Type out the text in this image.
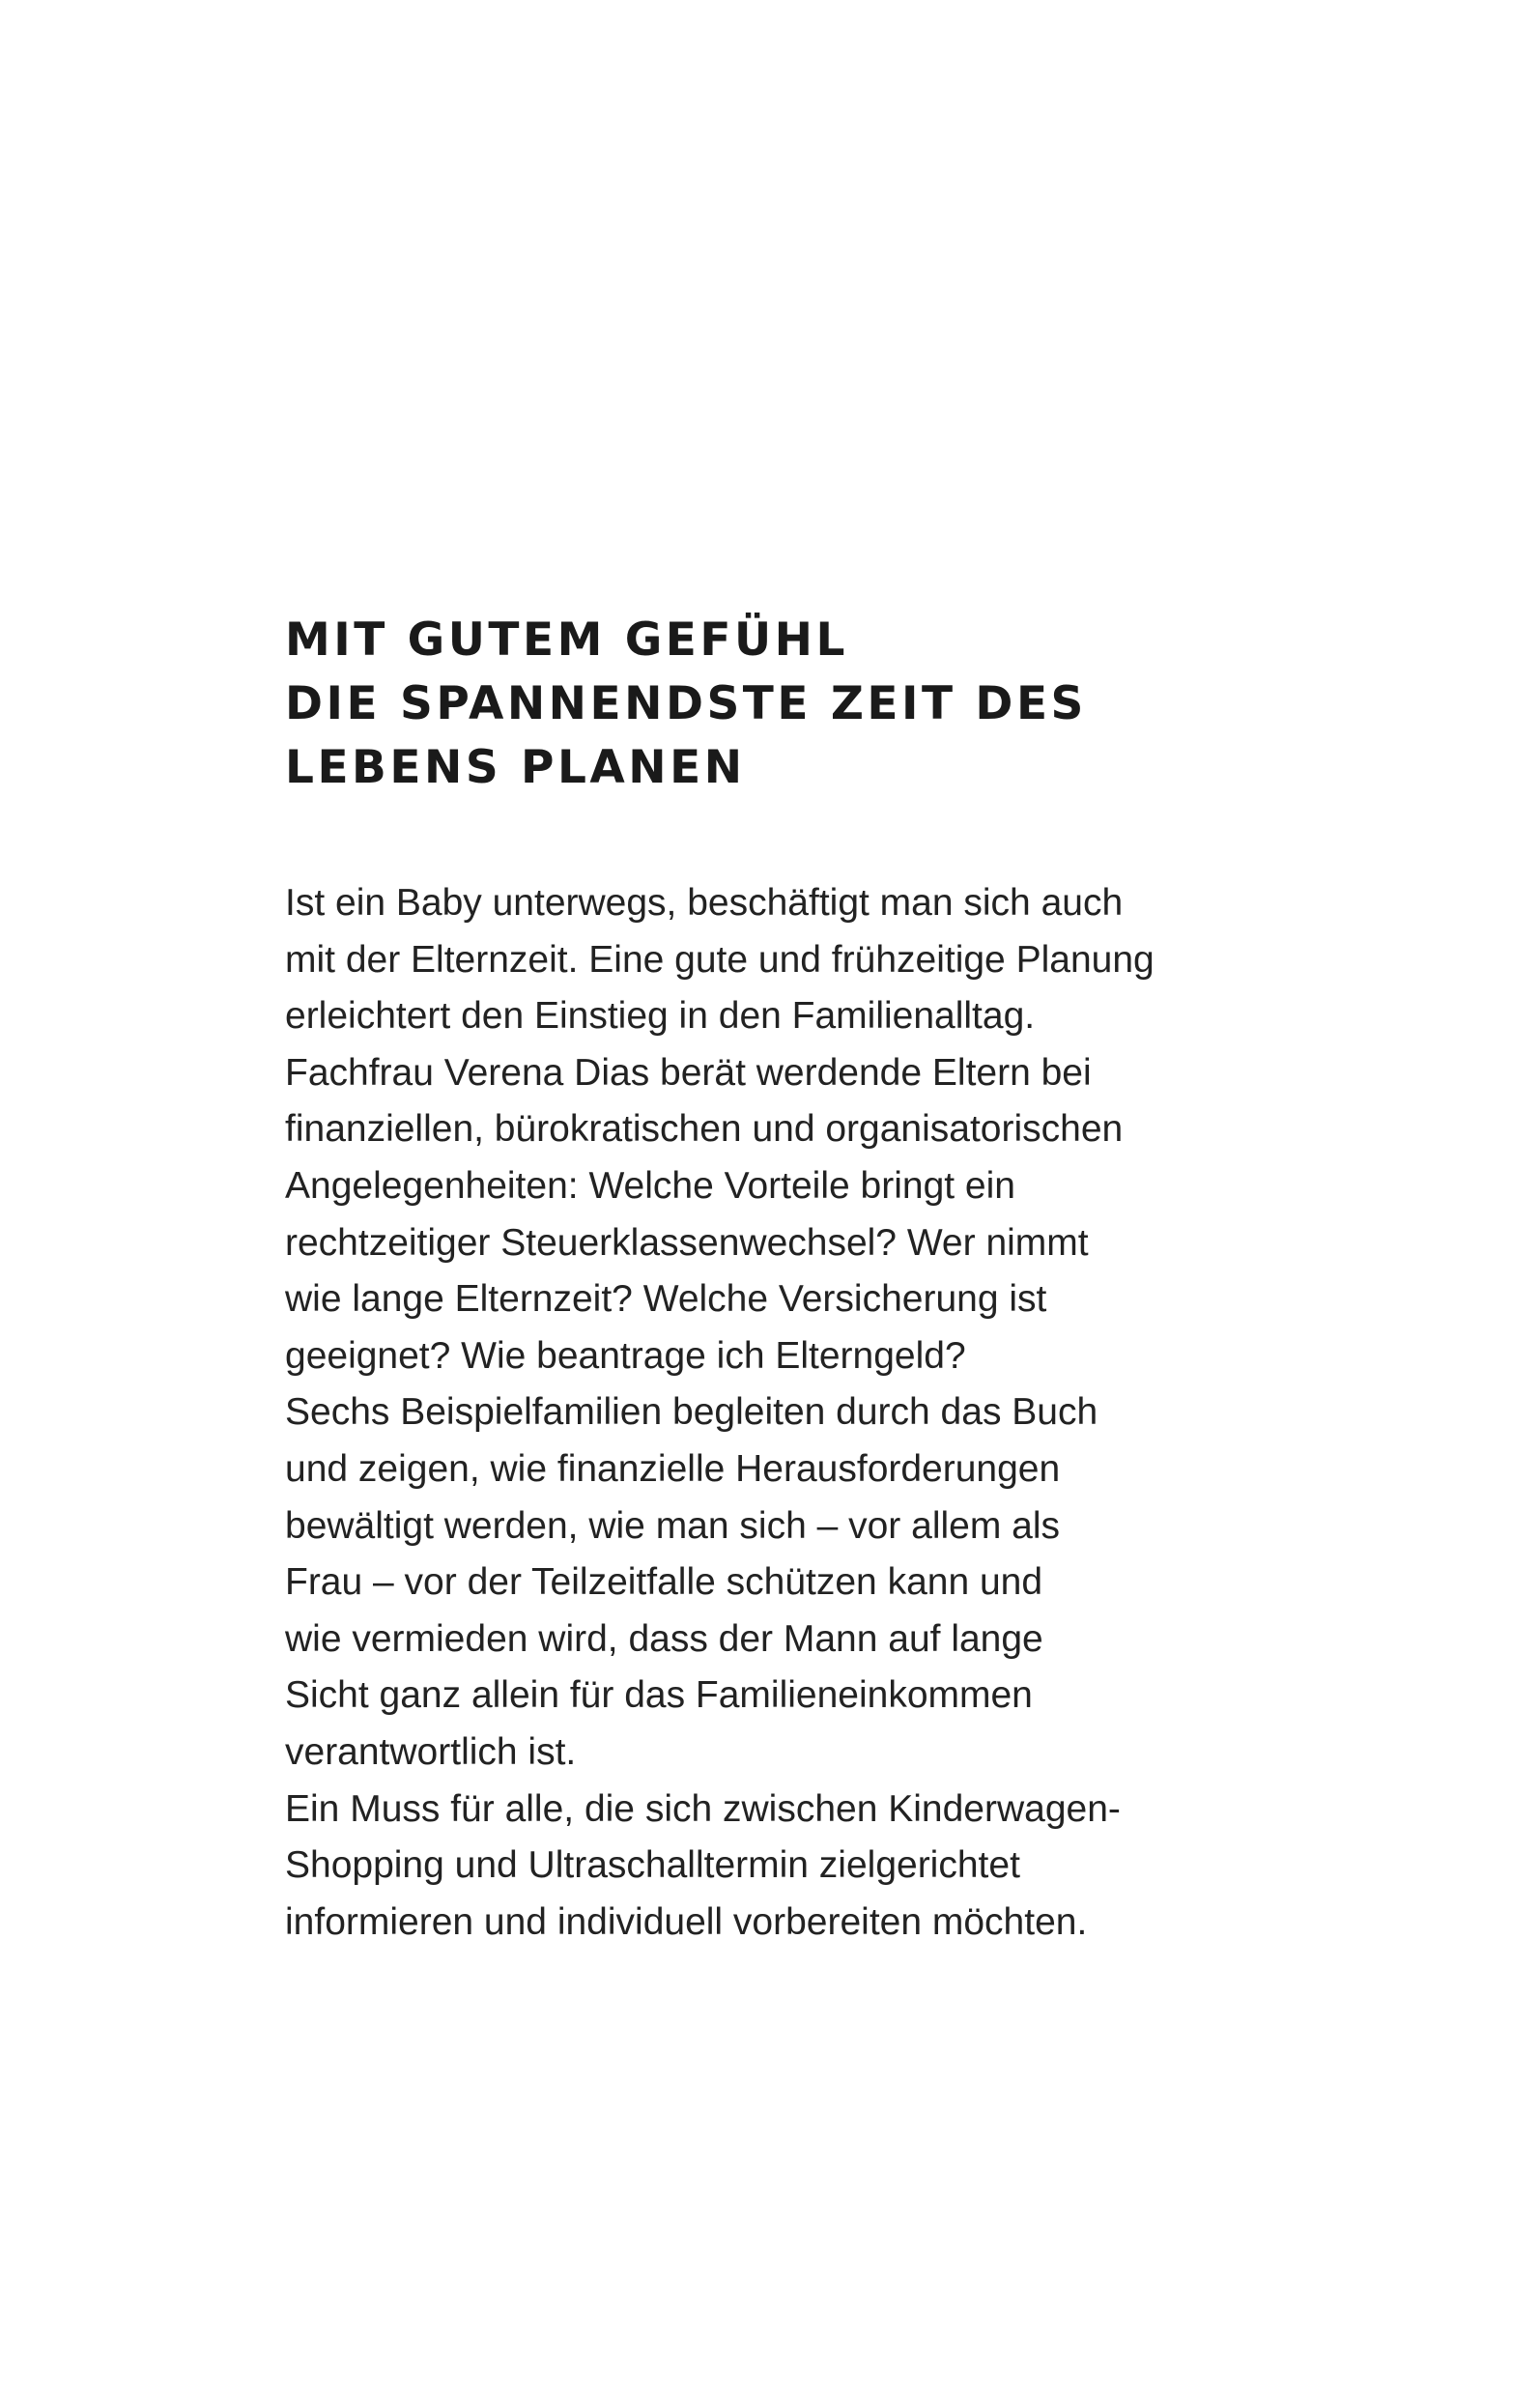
MIT GUTEM GEFÜHL
DIE SPANNENDSTE ZEIT DES
LEBENS PLANEN

Ist ein Baby unterwegs, beschäftigt man sich auch
mit der Elternzeit. Eine gute und frühzeitige Planung
erleichtert den Einstieg in den Familienalltag.
Fachfrau Verena Dias berät werdende Eltern bei
finanziellen, bürokratischen und organisatorischen
Angelegenheiten: Welche Vorteile bringt ein
rechtzeitiger Steuerklassenwechsel? Wer nimmt
wie lange Elternzeit? Welche Versicherung ist
geeignet? Wie beantrage ich Elterngeld?
Sechs Beispielfamilien begleiten durch das Buch
und zeigen, wie finanzielle Herausforderungen
bewältigt werden, wie man sich – vor allem als
Frau – vor der Teilzeitfalle schützen kann und
wie vermieden wird, dass der Mann auf lange
Sicht ganz allein für das Familieneinkommen
verantwortlich ist.
Ein Muss für alle, die sich zwischen Kinderwagen-
Shopping und Ultraschalltermin zielgerichtet
informieren und individuell vorbereiten möchten.
